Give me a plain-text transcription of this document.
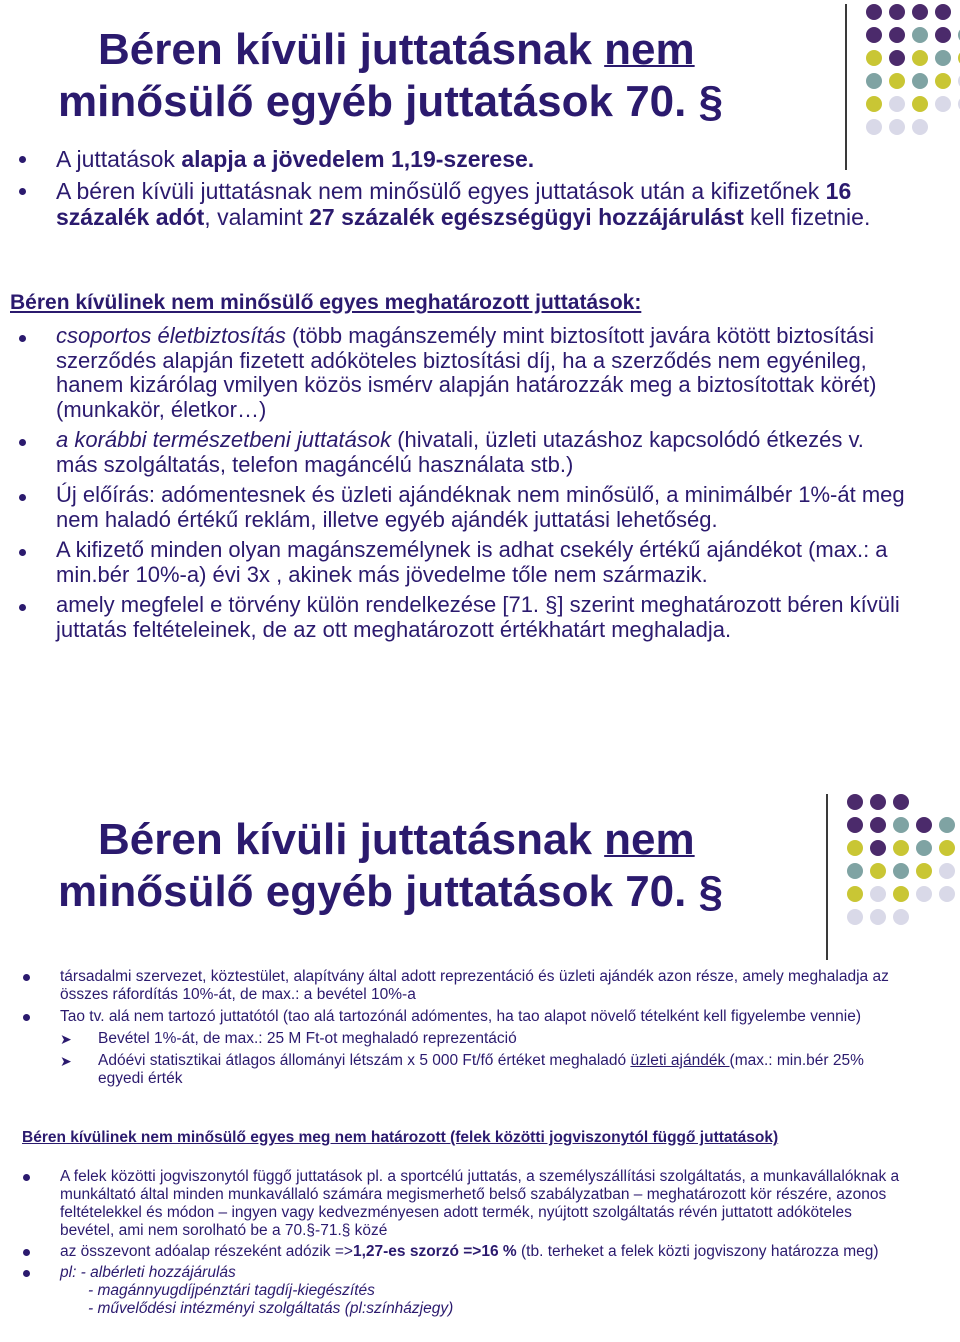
Béren kívüli juttatásnak nem
minősülő egyéb juttatások 70. §
A juttatások alapja a jövedelem 1,19-szerese.
A béren kívüli juttatásnak nem minősülő egyes juttatások után a kifizetőnek 16 százalék adót, valamint 27 százalék egészségügyi hozzájárulást kell fizetnie.
Béren kívülinek nem minősülő egyes meghatározott juttatások:
csoportos életbiztosítás (több magánszemély mint biztosított javára kötött biztosítási szerződés alapján fizetett adóköteles biztosítási díj, ha a szerződés nem egyénileg, hanem kizárólag vmilyen közös ismérv alapján határozzák meg a biztosítottak körét)(munkakör, életkor…)
a korábbi természetbeni juttatások (hivatali, üzleti utazáshoz kapcsolódó étkezés v. más szolgáltatás, telefon magáncélú használata stb.)
Új előírás: adómentesnek és üzleti ajándéknak nem minősülő, a minimálbér 1%-át meg nem haladó értékű reklám, illetve egyéb ajándék juttatási lehetőség.
A kifizető minden olyan magánszemélynek is adhat csekély értékű ajándékot (max.: a min.bér 10%-a) évi 3x , akinek más jövedelme tőle nem származik.
amely megfelel e törvény külön rendelkezése [71. §] szerint meghatározott béren kívüli juttatás feltételeinek, de az ott meghatározott értékhatárt meghaladja.
Béren kívüli juttatásnak nem
minősülő egyéb juttatások 70. §
társadalmi szervezet, köztestület, alapítvány által adott reprezentáció és üzleti ajándék azon része, amely meghaladja az összes ráfordítás 10%-át, de max.: a bevétel 10%-a
Tao tv. alá nem tartozó juttatótól (tao alá tartozónál adómentes, ha tao alapot növelő tételként kell figyelembe vennie)
➤ Bevétel 1%-át, de max.: 25 M Ft-ot meghaladó reprezentáció
➤ Adóévi statisztikai átlagos állományi létszám x 5 000 Ft/fő értéket meghaladó üzleti ajándék (max.: min.bér 25% egyedi érték
Béren kívülinek nem minősülő egyes meg nem határozott (felek közötti jogviszonytól függő juttatások)
A felek közötti jogviszonytól függő juttatások pl. a sportcélú juttatás, a személyszállítási szolgáltatás, a munkavállalóknak a munkáltató által minden munkavállaló számára megismerhető belső szabályzatban – meghatározott kör részére, azonos feltételekkel és módon – ingyen vagy kedvezményesen adott termék, nyújtott szolgáltatás révén juttatott adóköteles bevétel, ami nem sorolható be a 70.§-71.§ közé
az összevont adóalap részeként adózik =>1,27-es szorzó =>16 % (tb. terheket a felek közti jogviszony határozza meg)
pl: - albérleti hozzájárulás
- magánnyugdíjpénztári tagdíj-kiegészítés
- művelődési intézményi szolgáltatás (pl:színházjegy)
